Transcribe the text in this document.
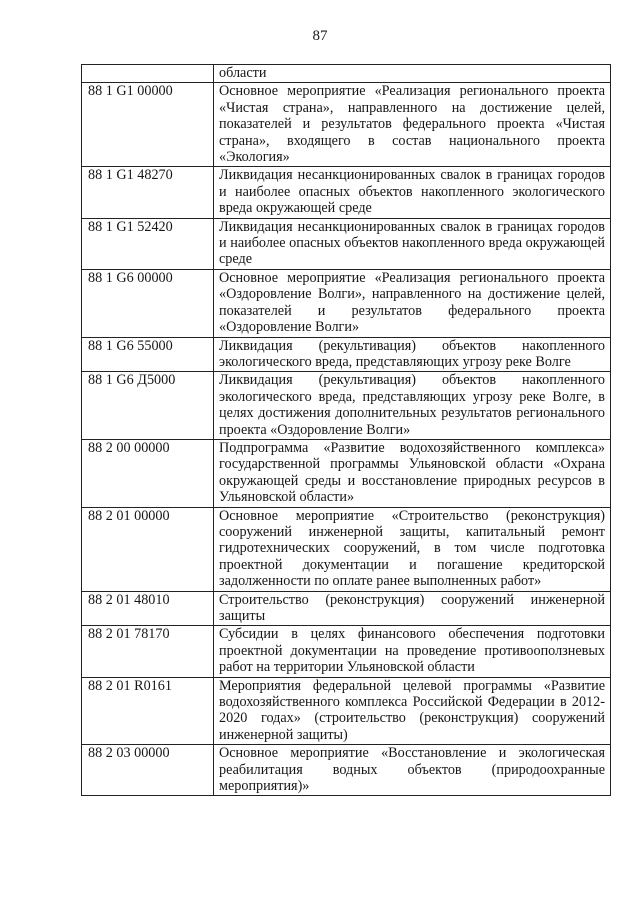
87
	области
88 1 G1 00000	Основное мероприятие «Реализация регионального проекта «Чистая страна», направленного на достижение целей, показателей и результатов федерального проекта «Чистая страна», входящего в состав национального проекта «Экология»
88 1 G1 48270	Ликвидация несанкционированных свалок в границах городов и наиболее опасных объектов накопленного экологического вреда окружающей среде
88 1 G1 52420	Ликвидация несанкционированных свалок в границах городов и наиболее опасных объектов накопленного вреда окружающей среде
88 1 G6 00000	Основное мероприятие «Реализация регионального проекта «Оздоровление Волги», направленного на достижение целей, показателей и результатов федерального проекта «Оздоровление Волги»
88 1 G6 55000	Ликвидация (рекультивация) объектов накопленного экологического вреда, представляющих угрозу реке Волге
88 1 G6 Д5000	Ликвидация (рекультивация) объектов накопленного экологического вреда, представляющих угрозу реке Волге, в целях достижения дополнительных результатов регионального проекта «Оздоровление Волги»
88 2 00 00000	Подпрограмма «Развитие водохозяйственного комплекса» государственной программы Ульяновской области «Охрана окружающей среды и восстановление природных ресурсов в Ульяновской области»
88 2 01 00000	Основное мероприятие «Строительство (реконструкция) сооружений инженерной защиты, капитальный ремонт гидротехнических сооружений, в том числе подготовка проектной документации и погашение кредиторской задолженности по оплате ранее выполненных работ»
88 2 01 48010	Строительство (реконструкция) сооружений инженерной защиты
88 2 01 78170	Субсидии в целях финансового обеспечения подготовки проектной документации на проведение противооползневых работ на территории Ульяновской области
88 2 01 R0161	Мероприятия федеральной целевой программы «Развитие водохозяйственного комплекса Российской Федерации в 2012-2020 годах» (строительство (реконструкция) сооружений инженерной защиты)
88 2 03 00000	Основное мероприятие «Восстановление и экологическая реабилитация водных объектов (природоохранные мероприятия)»
